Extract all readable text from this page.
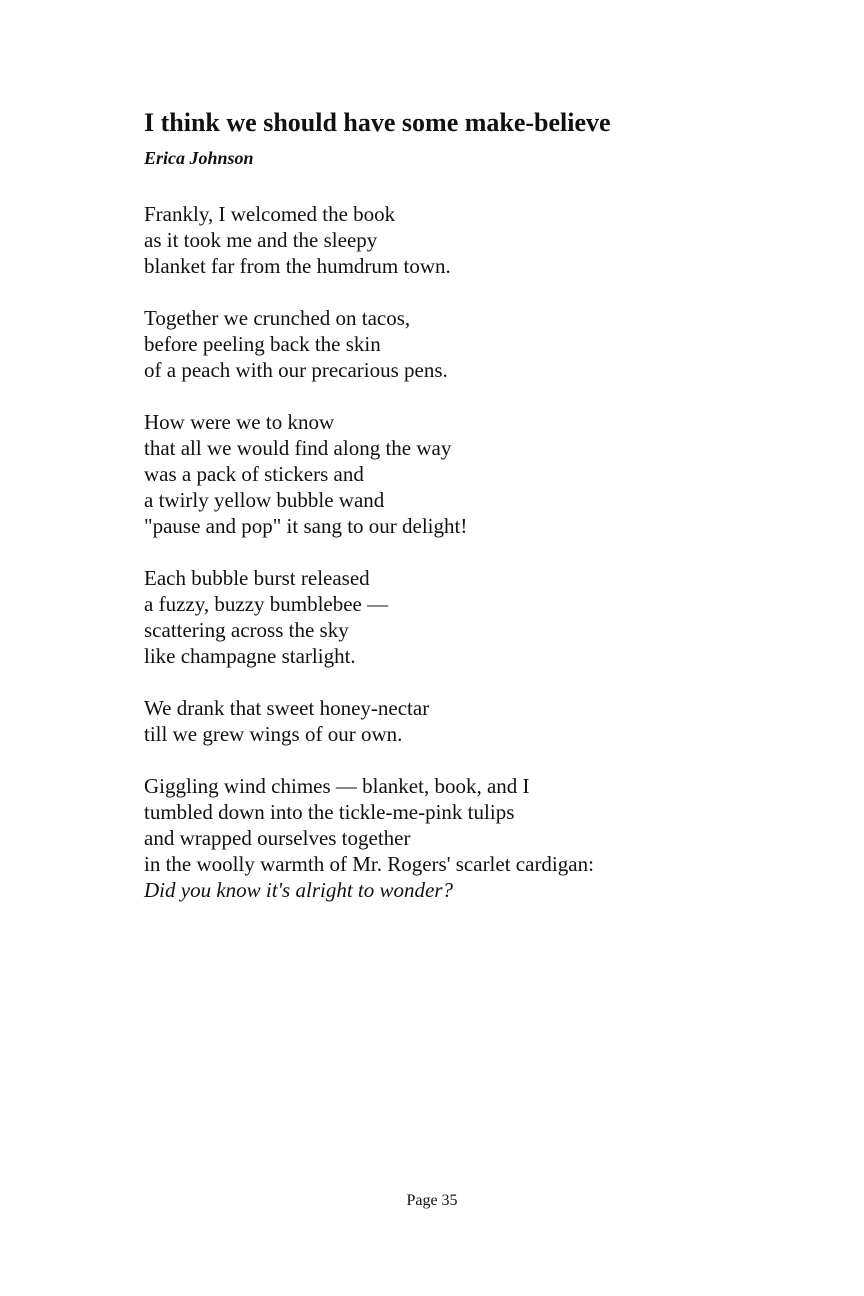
I think we should have some make-believe

Erica Johnson

Frankly, I welcomed the book
as it took me and the sleepy
blanket far from the humdrum town.
Together we crunched on tacos,
before peeling back the skin
of a peach with our precarious pens.
How were we to know
that all we would find along the way
was a pack of stickers and
a twirly yellow bubble wand
"pause and pop" it sang to our delight!
Each bubble burst released
a fuzzy, buzzy bumblebee —
scattering across the sky
like champagne starlight.
We drank that sweet honey-nectar
till we grew wings of our own.
Giggling wind chimes — blanket, book, and I
tumbled down into the tickle-me-pink tulips
and wrapped ourselves together
in the woolly warmth of Mr. Rogers' scarlet cardigan:
Did you know it's alright to wonder?
Page 35
